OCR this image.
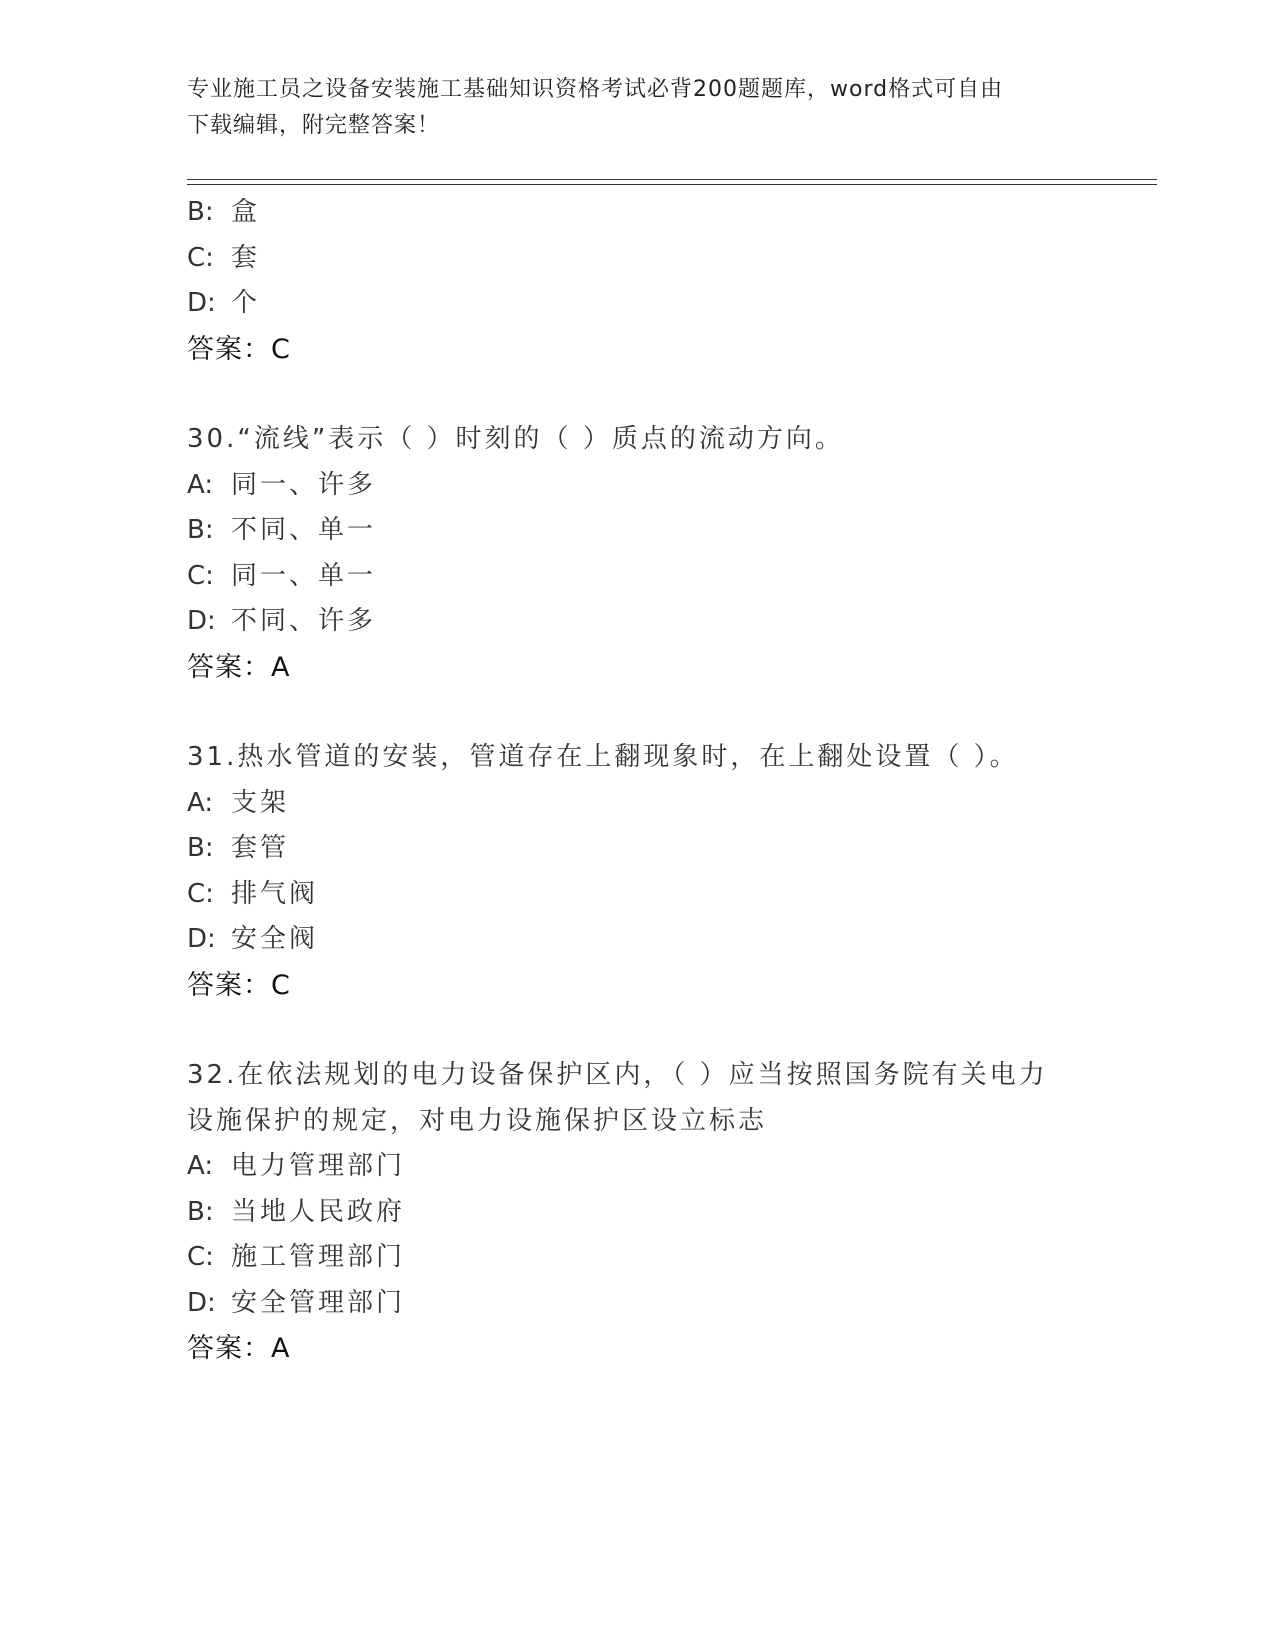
专业施工员之设备安装施工基础知识资格考试必背200题题库，word格式可自由
下载编辑，附完整答案！
B: 盒
C: 套
D: 个
答案：C
30.“流线”表示（ ）时刻的（ ）质点的流动方向。
A: 同一、许多
B: 不同、单一
C: 同一、单一
D: 不同、许多
答案：A
31.热水管道的安装，管道存在上翻现象时，在上翻处设置（ ）。
A: 支架
B: 套管
C: 排气阀
D: 安全阀
答案：C
32.在依法规划的电力设备保护区内，（ ）应当按照国务院有关电力
设施保护的规定，对电力设施保护区设立标志
A: 电力管理部门
B: 当地人民政府
C: 施工管理部门
D: 安全管理部门
答案：A
